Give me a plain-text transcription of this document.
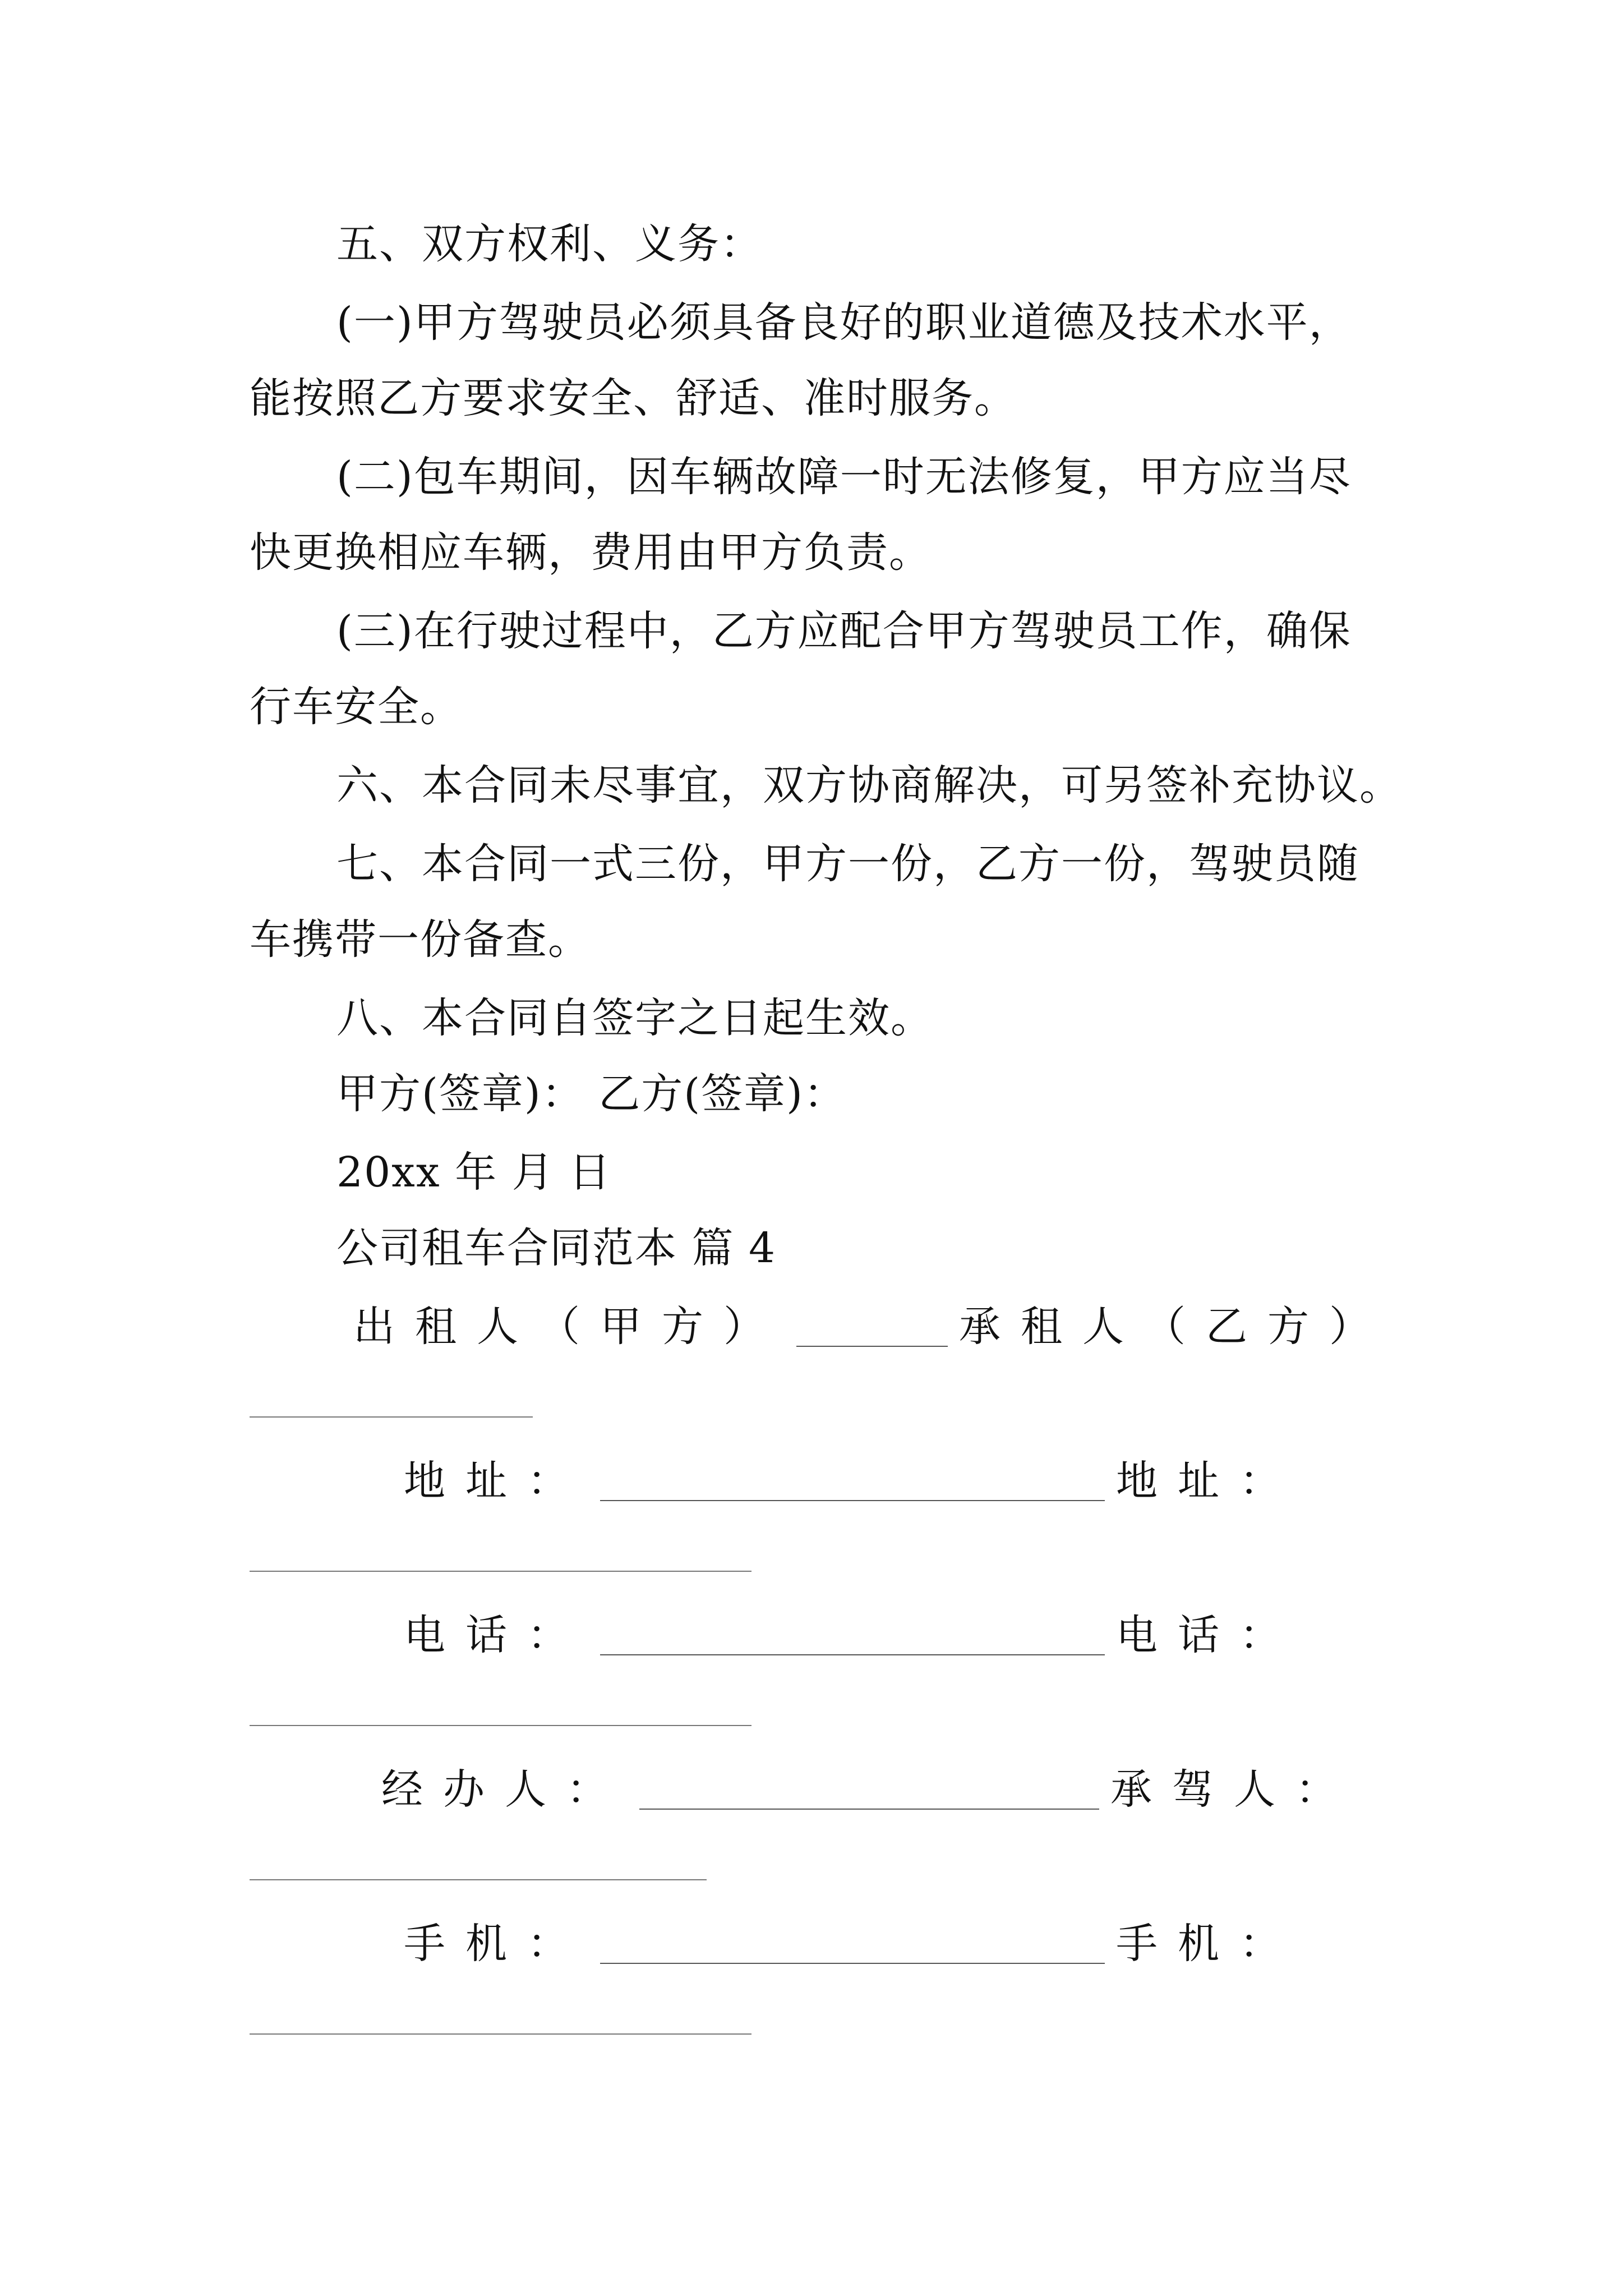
五、双方权利、义务：
(一)甲方驾驶员必须具备良好的职业道德及技术水平，
能按照乙方要求安全、舒适、准时服务。
(二)包车期间，因车辆故障一时无法修复，甲方应当尽
快更换相应车辆，费用由甲方负责。
(三)在行驶过程中，乙方应配合甲方驾驶员工作，确保
行车安全。
六、本合同未尽事宜，双方协商解决，可另签补充协议。
七、本合同一式三份，甲方一份，乙方一份，驾驶员随
车携带一份备查。
八、本合同自签字之日起生效。
甲方(签章)： 乙方(签章)：
20xx 年 月 日
公司租车合同范本 篇 4
出租人（甲方）	承租人（乙方）
地址：	地址：
电话：	电话：
经办人：	承驾人：
手机：	手机：
